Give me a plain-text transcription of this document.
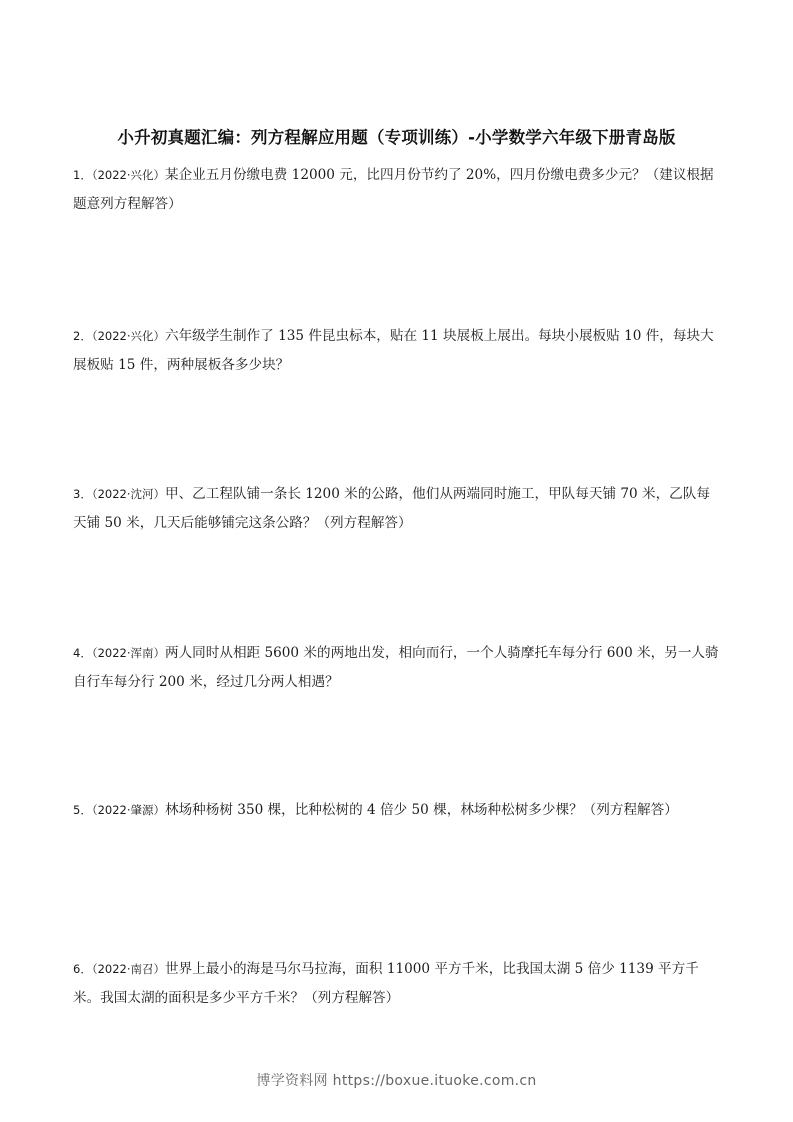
小升初真题汇编：列方程解应用题（专项训练）-小学数学六年级下册青岛版
1．（2022·兴化）某企业五月份缴电费 12000 元，比四月份节约了 20%，四月份缴电费多少元？（建议根据题意列方程解答）
2．（2022·兴化）六年级学生制作了 135 件昆虫标本，贴在 11 块展板上展出。每块小展板贴 10 件，每块大展板贴 15 件，两种展板各多少块？
3．（2022·沈河）甲、乙工程队铺一条长 1200 米的公路，他们从两端同时施工，甲队每天铺 70 米，乙队每天铺 50 米，几天后能够铺完这条公路？（列方程解答）
4．（2022·浑南）两人同时从相距 5600 米的两地出发，相向而行，一个人骑摩托车每分行 600 米，另一人骑自行车每分行 200 米，经过几分两人相遇？
5．（2022·肇源）林场种杨树 350 棵，比种松树的 4 倍少 50 棵，林场种松树多少棵？（列方程解答）
6．（2022·南召）世界上最小的海是马尔马拉海，面积 11000 平方千米，比我国太湖 5 倍少 1139 平方千米。我国太湖的面积是多少平方千米？（列方程解答）
博学资料网 https://boxue.ituoke.com.cn
